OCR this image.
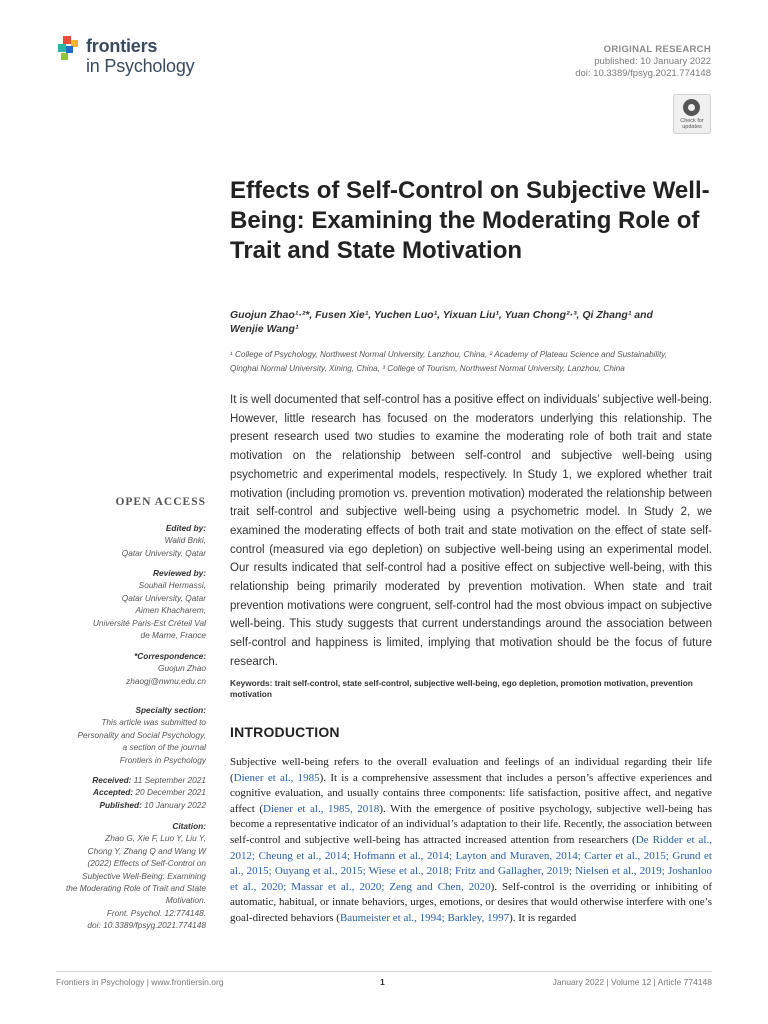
frontiers
in Psychology
ORIGINAL RESEARCH
published: 10 January 2022
doi: 10.3389/fpsyg.2021.774148
Check for updates
Effects of Self-Control on Subjective Well-Being: Examining the Moderating Role of Trait and State Motivation
Guojun Zhao¹·²*, Fusen Xie¹, Yuchen Luo¹, Yixuan Liu¹, Yuan Chong²·³, Qi Zhang¹ and
Wenjie Wang¹
¹ College of Psychology, Northwest Normal University, Lanzhou, China, ² Academy of Plateau Science and Sustainability,
Qinghai Normal University, Xining, China, ³ College of Tourism, Northwest Normal University, Lanzhou, China
It is well documented that self-control has a positive effect on individuals’ subjective well-being. However, little research has focused on the moderators underlying this relationship. The present research used two studies to examine the moderating role of both trait and state motivation on the relationship between self-control and subjective well-being using psychometric and experimental models, respectively. In Study 1, we explored whether trait motivation (including promotion vs. prevention motivation) moderated the relationship between trait self-control and subjective well-being using a psychometric model. In Study 2, we examined the moderating effects of both trait and state motivation on the effect of state self-control (measured via ego depletion) on subjective well-being using an experimental model. Our results indicated that self-control had a positive effect on subjective well-being, with this relationship being primarily moderated by prevention motivation. When state and trait prevention motivations were congruent, self-control had the most obvious impact on subjective well-being. This study suggests that current understandings around the association between self-control and happiness is limited, implying that motivation should be the focus of future research.
Keywords: trait self-control, state self-control, subjective well-being, ego depletion, promotion motivation, prevention motivation
INTRODUCTION
Subjective well-being refers to the overall evaluation and feelings of an individual regarding their life (Diener et al., 1985). It is a comprehensive assessment that includes a person’s affective experiences and cognitive evaluation, and usually contains three components: life satisfaction, positive affect, and negative affect (Diener et al., 1985, 2018). With the emergence of positive psychology, subjective well-being has become a representative indicator of an individual’s adaptation to their life. Recently, the association between self-control and subjective well-being has attracted increased attention from researchers (De Ridder et al., 2012; Cheung et al., 2014; Hofmann et al., 2014; Layton and Muraven, 2014; Carter et al., 2015; Grund et al., 2015; Ouyang et al., 2015; Wiese et al., 2018; Fritz and Gallagher, 2019; Nielsen et al., 2019; Joshanloo et al., 2020; Massar et al., 2020; Zeng and Chen, 2020). Self-control is the overriding or inhibiting of automatic, habitual, or innate behaviors, urges, emotions, or desires that would otherwise interfere with one’s goal-directed behaviors (Baumeister et al., 1994; Barkley, 1997). It is regarded
OPEN ACCESS
Edited by:
Walid Bnki,
Qatar University, Qatar
Reviewed by:
Souhail Hermassi,
Qatar University, Qatar
Aimen Khacharem,
Université Paris-Est Créteil Val
de Marne, France
*Correspondence:
Guojun Zhao
zhaogj@nwnu.edu.cn
Specialty section:
This article was submitted to
Personality and Social Psychology,
a section of the journal
Frontiers in Psychology
Received: 11 September 2021
Accepted: 20 December 2021
Published: 10 January 2022
Citation:
Zhao G, Xie F, Luo Y, Liu Y,
Chong Y, Zhang Q and Wang W
(2022) Effects of Self-Control on
Subjective Well-Being: Examining
the Moderating Role of Trait and State
Motivation.
Front. Psychol. 12:774148.
doi: 10.3389/fpsyg.2021.774148
Frontiers in Psychology | www.frontiersin.org	1	January 2022 | Volume 12 | Article 774148
